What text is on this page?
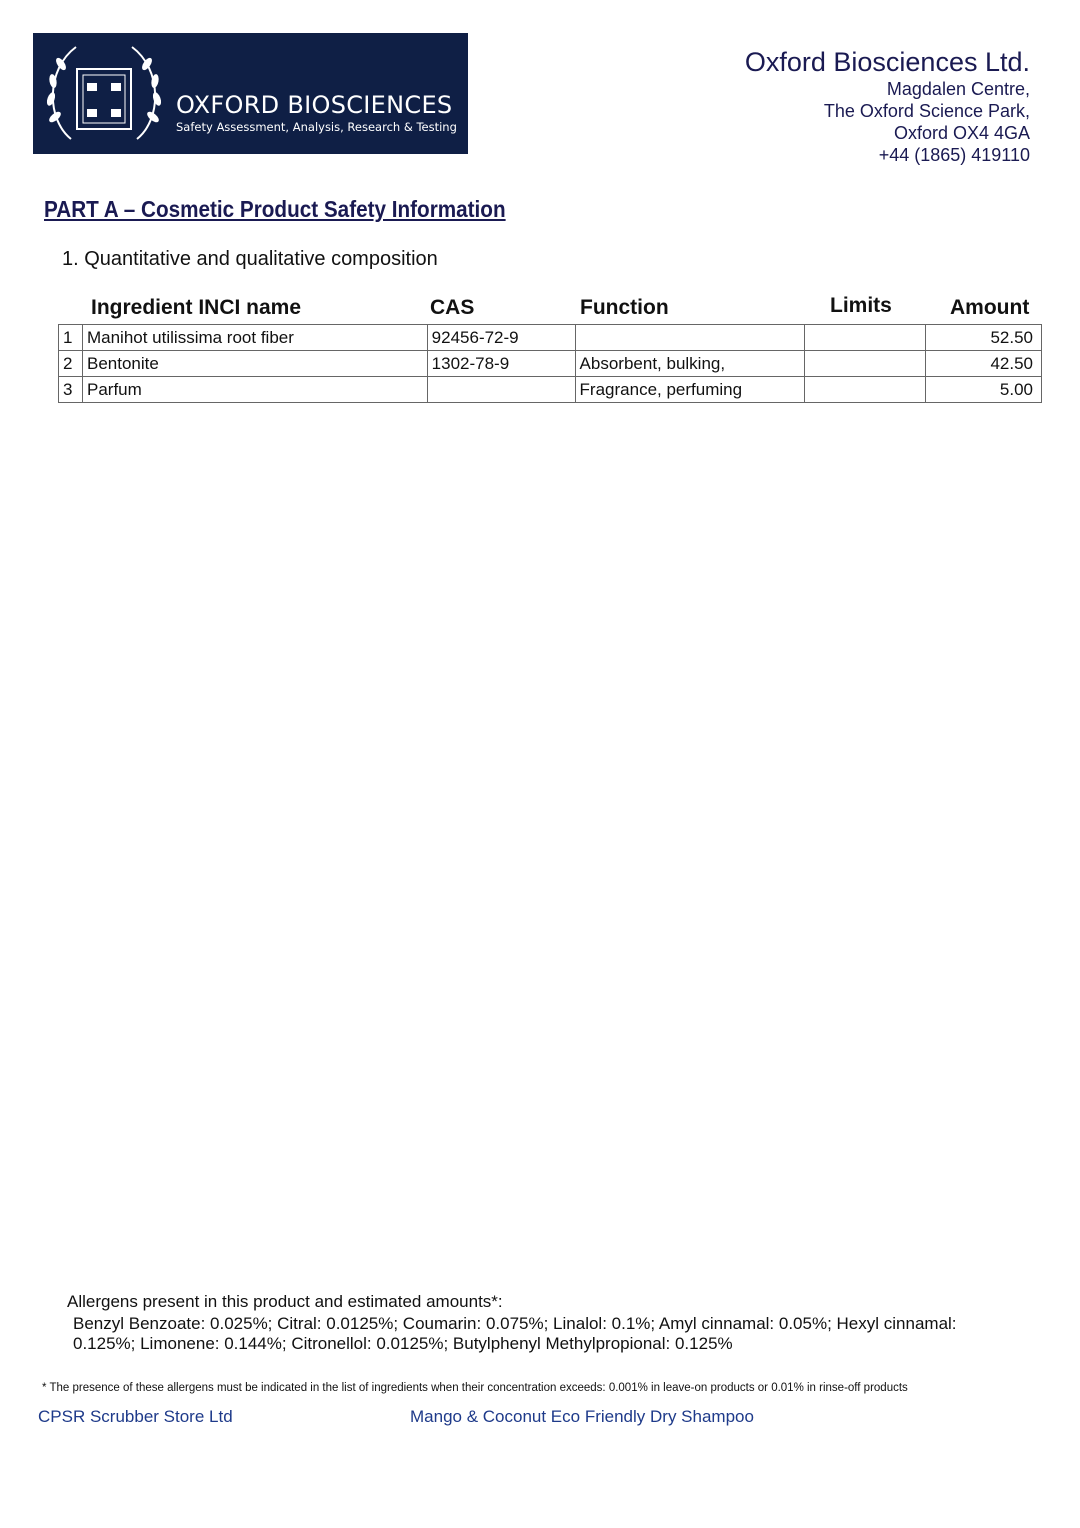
OXFORD BIOSCIENCES
Safety Assessment, Analysis, Research & Testing
Oxford Biosciences Ltd.
Magdalen Centre,
The Oxford Science Park,
Oxford OX4 4GA
+44 (1865) 419110
PART A – Cosmetic Product Safety Information
1. Quantitative and qualitative composition
Ingredient INCI name	CAS	Function	Limits	Amount
1	Manihot utilissima root fiber	92456-72-9			52.50
2	Bentonite	1302-78-9	Absorbent, bulking,		42.50
3	Parfum		Fragrance, perfuming		5.00
Allergens present in this product and estimated amounts*:
Benzyl Benzoate: 0.025%; Citral: 0.0125%; Coumarin: 0.075%; Linalol: 0.1%; Amyl cinnamal: 0.05%; Hexyl cinnamal: 0.125%; Limonene: 0.144%; Citronellol: 0.0125%; Butylphenyl Methylpropional: 0.125%
* The presence of these allergens must be indicated in the list of ingredients when their concentration exceeds: 0.001% in leave-on products or 0.01% in rinse-off products
CPSR Scrubber Store Ltd	Mango & Coconut Eco Friendly Dry Shampoo
